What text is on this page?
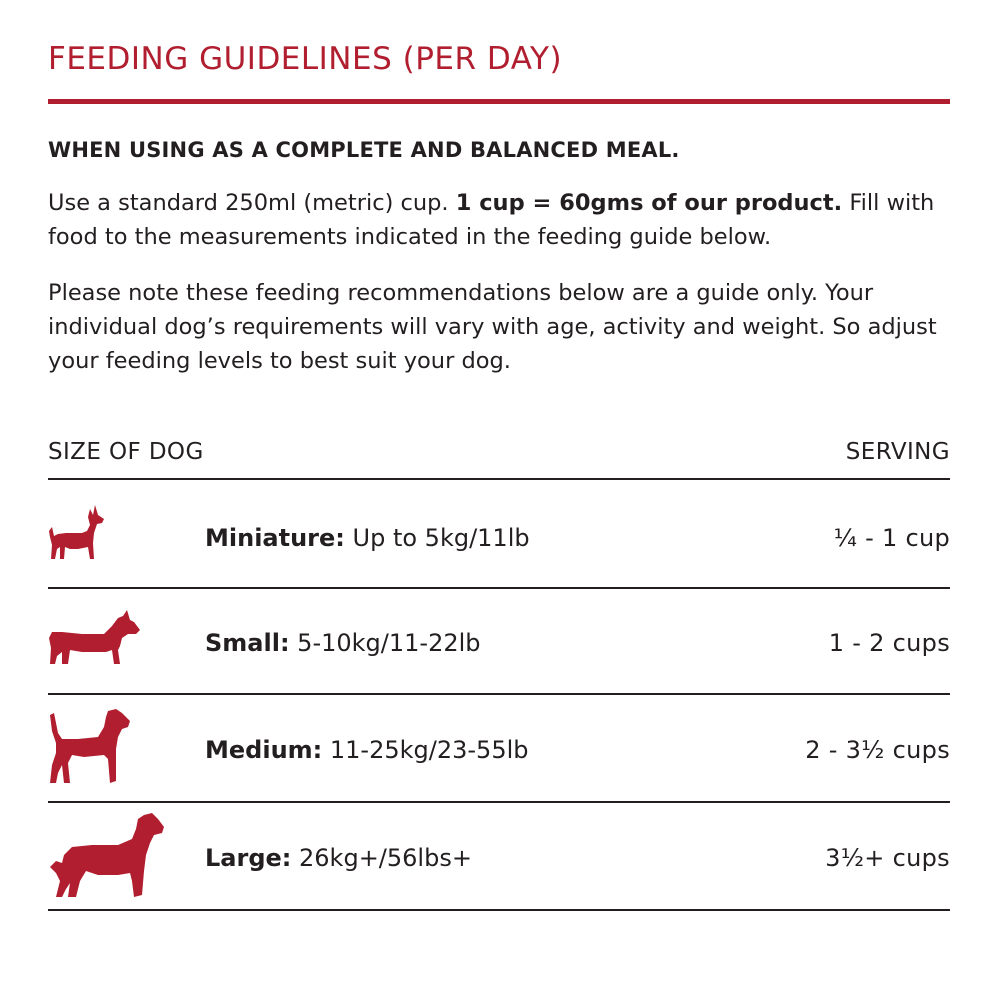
FEEDING GUIDELINES (PER DAY)
WHEN USING AS A COMPLETE AND BALANCED MEAL.

Use a standard 250ml (metric) cup. 1 cup = 60gms of our product. Fill with food to the measurements indicated in the feeding guide below.

Please note these feeding recommendations below are a guide only. Your individual dog’s requirements will vary with age, activity and weight. So adjust your feeding levels to best suit your dog.

SIZE OF DOG	SERVING
Miniature: Up to 5kg/11lb	¼ - 1 cup
Small: 5-10kg/11-22lb	1 - 2 cups
Medium: 11-25kg/23-55lb	2 - 3½ cups
Large: 26kg+/56lbs+	3½+ cups
